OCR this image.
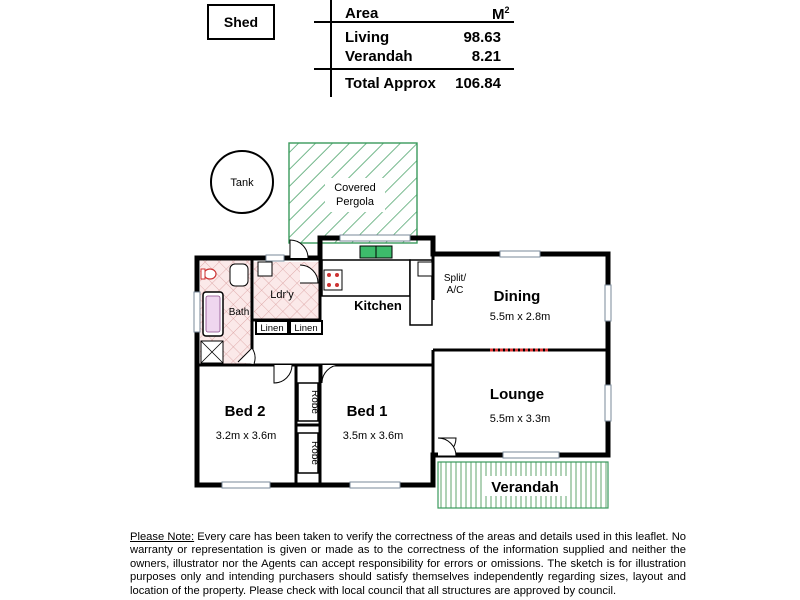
Shed	Area	$M^2$
Living	98.63
Verandah	8.21
Total Approx	106.84
Tank	Covered
Pergola
Verandah
Linen Linen
Robe
Robe
Ldr'y
Bath	Kitchen
Split/
A/C Dining
5.5m x 2.8m
Lounge
5.5m x 3.3m
Bed 2
3.2m x 3.6m
Bed 1
3.5m x 3.6m
Please Note: Every care has been taken to verify the correctness of the areas and details used in this leaflet. No warranty or representation is given or made as to the correctness of the information supplied and neither the owners, illustrator nor the Agents can accept responsibility for errors or omissions. The sketch is for illustration purposes only and intending purchasers should satisfy themselves independently regarding sizes, layout and location of the property. Please check with local council that all structures are approved by council.
